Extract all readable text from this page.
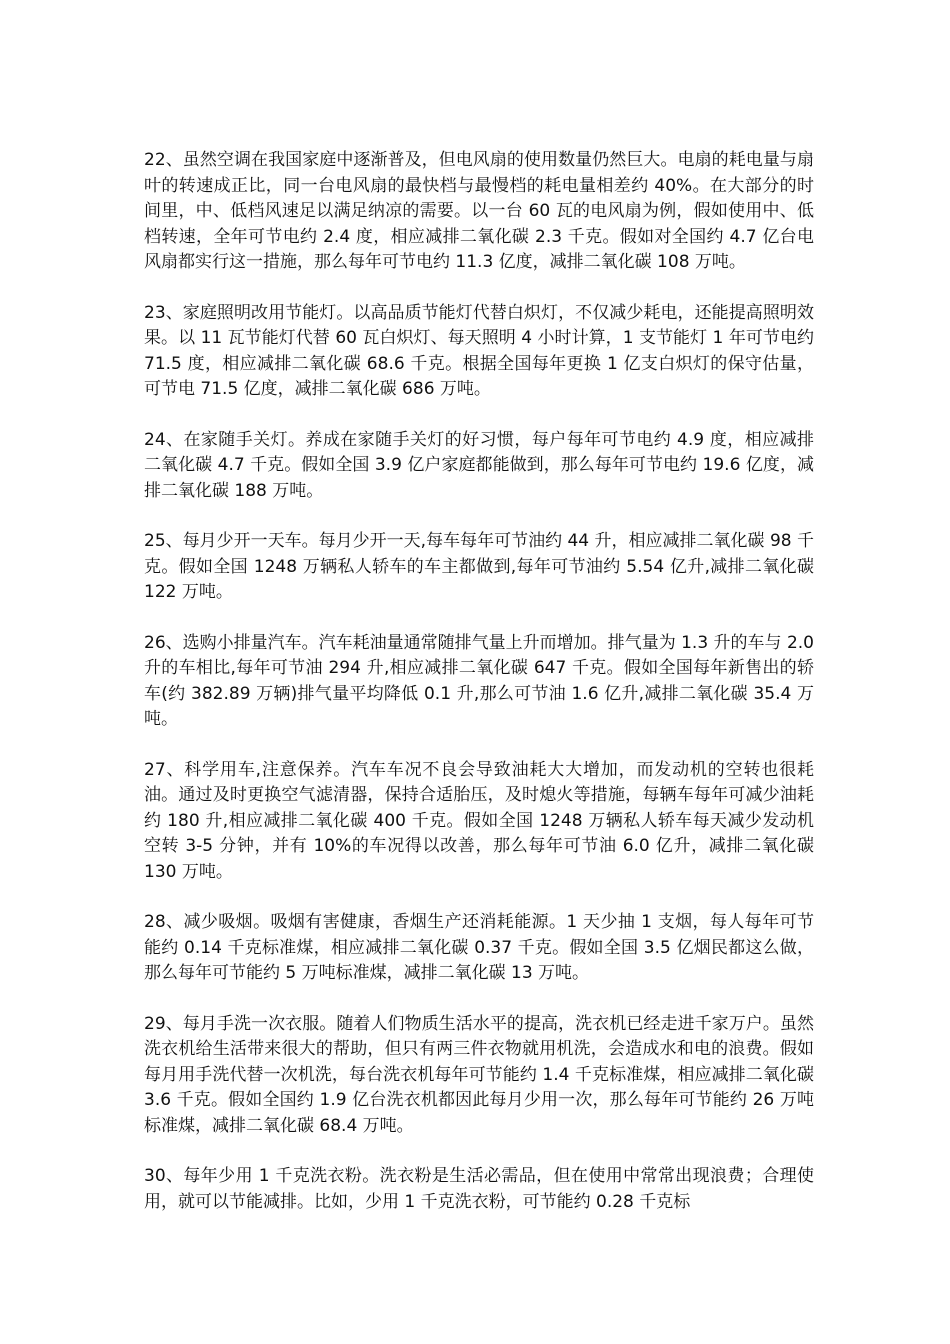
22、虽然空调在我国家庭中逐渐普及，但电风扇的使用数量仍然巨大。电扇的耗电量与扇叶的转速成正比，同一台电风扇的最快档与最慢档的耗电量相差约 40%。在大部分的时间里，中、低档风速足以满足纳凉的需要。以一台 60 瓦的电风扇为例，假如使用中、低档转速，全年可节电约 2.4 度，相应减排二氧化碳 2.3 千克。假如对全国约 4.7 亿台电风扇都实行这一措施，那么每年可节电约 11.3 亿度，减排二氧化碳 108 万吨。

23、家庭照明改用节能灯。以高品质节能灯代替白炽灯，不仅减少耗电，还能提高照明效果。以 11 瓦节能灯代替 60 瓦白炽灯、每天照明 4 小时计算，1 支节能灯 1 年可节电约 71.5 度，相应减排二氧化碳 68.6 千克。根据全国每年更换 1 亿支白炽灯的保守估量，可节电 71.5 亿度，减排二氧化碳 686 万吨。

24、在家随手关灯。养成在家随手关灯的好习惯，每户每年可节电约 4.9 度，相应减排二氧化碳 4.7 千克。假如全国 3.9 亿户家庭都能做到，那么每年可节电约 19.6 亿度，减排二氧化碳 188 万吨。

25、每月少开一天车。每月少开一天,每车每年可节油约 44 升，相应减排二氧化碳 98 千克。假如全国 1248 万辆私人轿车的车主都做到,每年可节油约 5.54 亿升,减排二氧化碳 122 万吨。

26、选购小排量汽车。汽车耗油量通常随排气量上升而增加。排气量为 1.3 升的车与 2.0 升的车相比,每年可节油 294 升,相应减排二氧化碳 647 千克。假如全国每年新售出的轿车(约 382.89 万辆)排气量平均降低 0.1 升,那么可节油 1.6 亿升,减排二氧化碳 35.4 万吨。

27、科学用车,注意保养。汽车车况不良会导致油耗大大增加，而发动机的空转也很耗油。通过及时更换空气滤清器，保持合适胎压，及时熄火等措施，每辆车每年可减少油耗约 180 升,相应减排二氧化碳 400 千克。假如全国 1248 万辆私人轿车每天减少发动机空转 3-5 分钟，并有 10%的车况得以改善，那么每年可节油 6.0 亿升，减排二氧化碳 130 万吨。

28、减少吸烟。吸烟有害健康，香烟生产还消耗能源。1 天少抽 1 支烟，每人每年可节能约 0.14 千克标准煤，相应减排二氧化碳 0.37 千克。假如全国 3.5 亿烟民都这么做，那么每年可节能约 5 万吨标准煤，减排二氧化碳 13 万吨。

29、每月手洗一次衣服。随着人们物质生活水平的提高，洗衣机已经走进千家万户。虽然洗衣机给生活带来很大的帮助，但只有两三件衣物就用机洗，会造成水和电的浪费。假如每月用手洗代替一次机洗，每台洗衣机每年可节能约 1.4 千克标准煤，相应减排二氧化碳 3.6 千克。假如全国约 1.9 亿台洗衣机都因此每月少用一次，那么每年可节能约 26 万吨标准煤，减排二氧化碳 68.4 万吨。

30、每年少用 1 千克洗衣粉。洗衣粉是生活必需品，但在使用中常常出现浪费；合理使用，就可以节能减排。比如，少用 1 千克洗衣粉，可节能约 0.28 千克标
